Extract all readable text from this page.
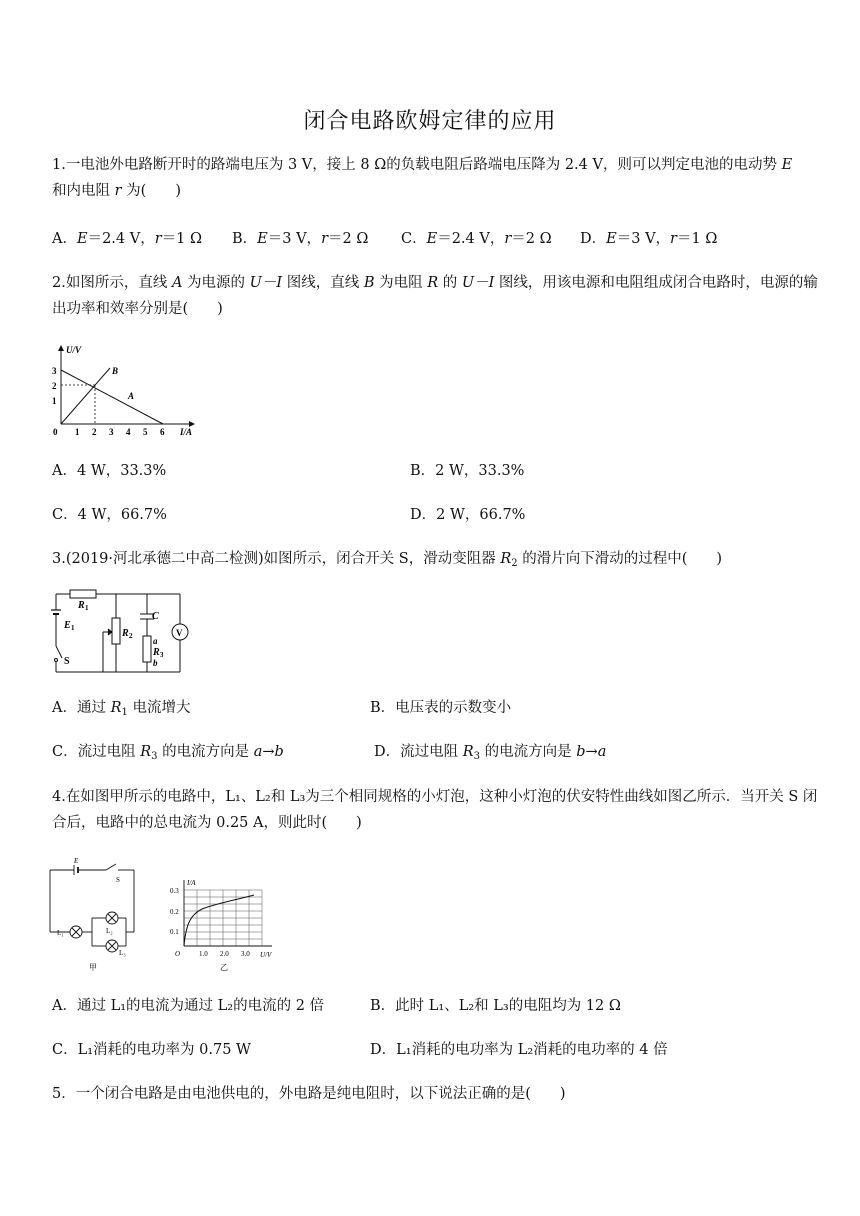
闭合电路欧姆定律的应用
1.一电池外电路断开时的路端电压为 3 V，接上 8 Ω的负载电阻后路端电压降为 2.4 V，则可以判定电池的电动势 E
和内电阻 r 为(　　)
A．E＝2.4 V，r＝1 Ω B．E＝3 V，r＝2 Ω C．E＝2.4 V，r＝2 Ω D．E＝3 V，r＝1 Ω
2.如图所示，直线 A 为电源的 U－I 图线，直线 B 为电阻 R 的 U－I 图线，用该电源和电阻组成闭合电路时，电源的输出功率和效率分别是(　　)
U/V
I/A
0
1
2
3
1 2 3 4 5 6
B
A
A．4 W，33.3%	B．2 W，33.3%
C．4 W，66.7%	D．2 W，66.7%
3.(2019·河北承德二中高二检测)如图所示，闭合开关 S，滑动变阻器 $R_2$ 的滑片向下滑动的过程中(　　)
R 1
E 1
S
R 2
C
a
R 3
b
V
A．通过 $R_1$ 电流增大	B．电压表的示数变小
C．流过电阻 $R_3$ 的电流方向是 a→b	D．流过电阻 $R_3$ 的电流方向是 b→a
4.在如图甲所示的电路中，L₁、L₂和 L₃为三个相同规格的小灯泡，这种小灯泡的伏安特性曲线如图乙所示．当开关 S 闭合后，电路中的总电流为 0.25 A，则此时(　　)
E
S
L₁	L₂
L₃
甲
I/A
U/V
O
0.1
0.2
0.3
1.0 2.0 3.0
乙
A．通过 L₁的电流为通过 L₂的电流的 2 倍	B．此时 L₁、L₂和 L₃的电阻均为 12 Ω
C．L₁消耗的电功率为 0.75 W	D．L₁消耗的电功率为 L₂消耗的电功率的 4 倍
5．一个闭合电路是由电池供电的，外电路是纯电阻时，以下说法正确的是(　　)
